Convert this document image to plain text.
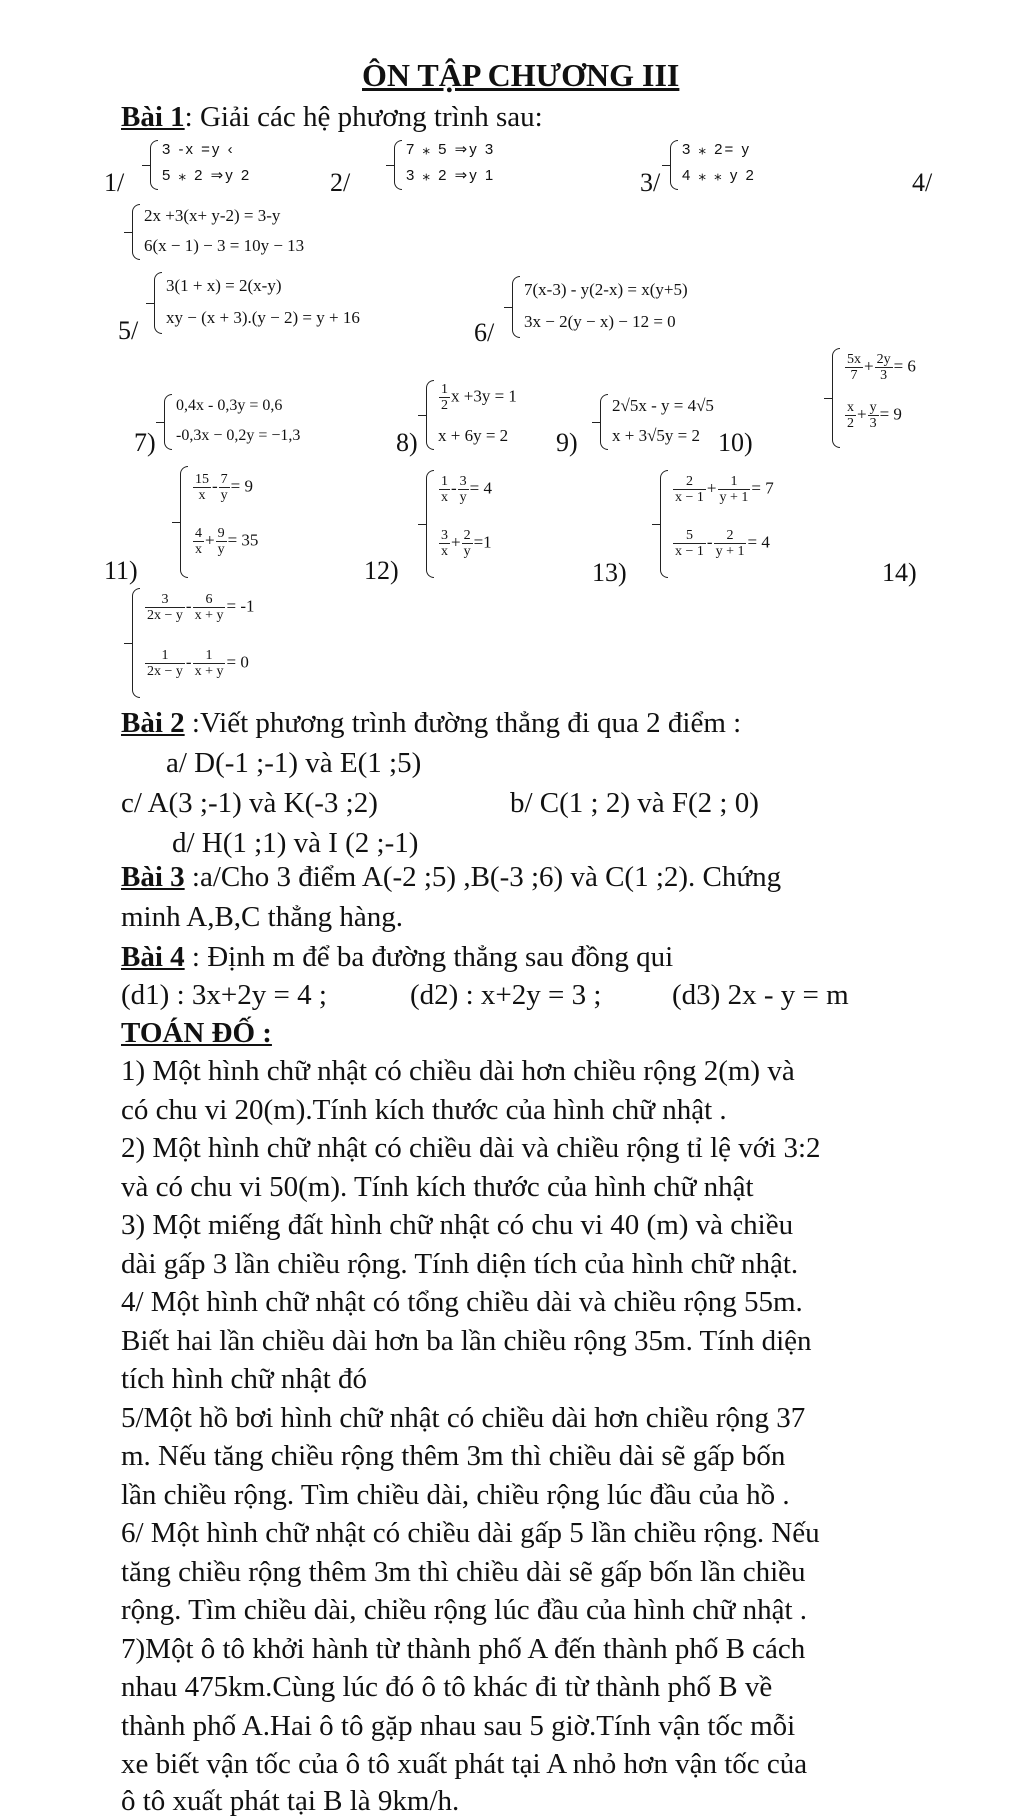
ÔN TẬP CHƯƠNG III
Bài 1: Giải các hệ phương trình sau:
1/
3 -x =y ‹
5 ⁎ 2 ⇒y 2	2/
7 ⁎ 5 ⇒y 3
3 ⁎ 2 ⇒y 1	3/
3 ⁎ 2= y
4 ⁎ ⁎ y 2	4/
2x +3(x+ y-2) = 3-y
6(x − 1) − 3 = 10y − 13
5/
3(1 + x) = 2(x-y)
xy − (x + 3).(y − 2) = y + 16
6/
7(x-3) - y(2-x) = x(y+5)
3x − 2(y − x) − 12 = 0
7)
0,4x - 0,3y = 0,6
-0,3x − 0,2y = −1,3	8)
$\frac{1}{2}$ x +3y = 1
x + 6y = 2 9)
2√5x - y = 4√5
x + 3√5y = 2 10)
$\frac{5x}{7} + \frac{2y}{3} = 6$
$\frac{x}{2} + \frac{y}{3} = 9$
11)
$\frac{15}{x} - \frac{7}{y} = 9$
$\frac{4}{x} + \frac{9}{y} = 35$
12)
$\frac{1}{x} - \frac{3}{y} = 4$
$\frac{3}{x} + \frac{2}{y} =1$
13)
$\frac{2}{x - 1} + \frac{1}{y + 1} = 7$
$\frac{5}{x - 1} - \frac{2}{y + 1} = 4$
14)
$\frac{3}{2x - y} - \frac{6}{x + y} = -1$
$\frac{1}{2x - y} - \frac{1}{x + y} = 0$
Bài 2 :Viết phương trình đường thẳng đi qua 2 điểm :
a/ D(-1 ;-1) và E(1 ;5)
c/ A(3 ;-1) và K(-3 ;2)	b/ C(1 ; 2) và F(2 ; 0)
d/ H(1 ;1) và I (2 ;-1)
Bài 3 :a/Cho 3 điểm A(-2 ;5) ,B(-3 ;6) và C(1 ;2). Chứng
minh A,B,C thẳng hàng.
Bài 4 : Định m để ba đường thẳng sau đồng qui
(d1) : 3x+2y = 4 ;	(d2) : x+2y = 3 ; (d3) 2x - y = m
TOÁN ĐỐ :
1) Một hình chữ nhật có chiều dài hơn chiều rộng 2(m) và
có chu vi 20(m).Tính kích thước của hình chữ nhật .
2) Một hình chữ nhật có chiều dài và chiều rộng tỉ lệ với 3:2
và có chu vi 50(m). Tính kích thước của hình chữ nhật
3) Một miếng đất hình chữ nhật có chu vi 40 (m) và chiều
dài gấp 3 lần chiều rộng. Tính diện tích của hình chữ nhật.
4/ Một hình chữ nhật có tổng chiều dài và chiều rộng 55m.
Biết hai lần chiều dài hơn ba lần chiều rộng 35m. Tính diện
tích hình chữ nhật đó
5/Một hồ bơi hình chữ nhật có chiều dài hơn chiều rộng 37
m. Nếu tăng chiều rộng thêm 3m thì chiều dài sẽ gấp bốn
lần chiều rộng. Tìm chiều dài, chiều rộng lúc đầu của hồ .
6/ Một hình chữ nhật có chiều dài gấp 5 lần chiều rộng. Nếu
tăng chiều rộng thêm 3m thì chiều dài sẽ gấp bốn lần chiều
rộng. Tìm chiều dài, chiều rộng lúc đầu của hình chữ nhật .
7)Một ô tô khởi hành từ thành phố A đến thành phố B cách
nhau 475km.Cùng lúc đó ô tô khác đi từ thành phố B về
thành phố A.Hai ô tô gặp nhau sau 5 giờ.Tính vận tốc mỗi
xe biết vận tốc của ô tô xuất phát tại A nhỏ hơn vận tốc của
ô tô xuất phát tại B là 9km/h.
